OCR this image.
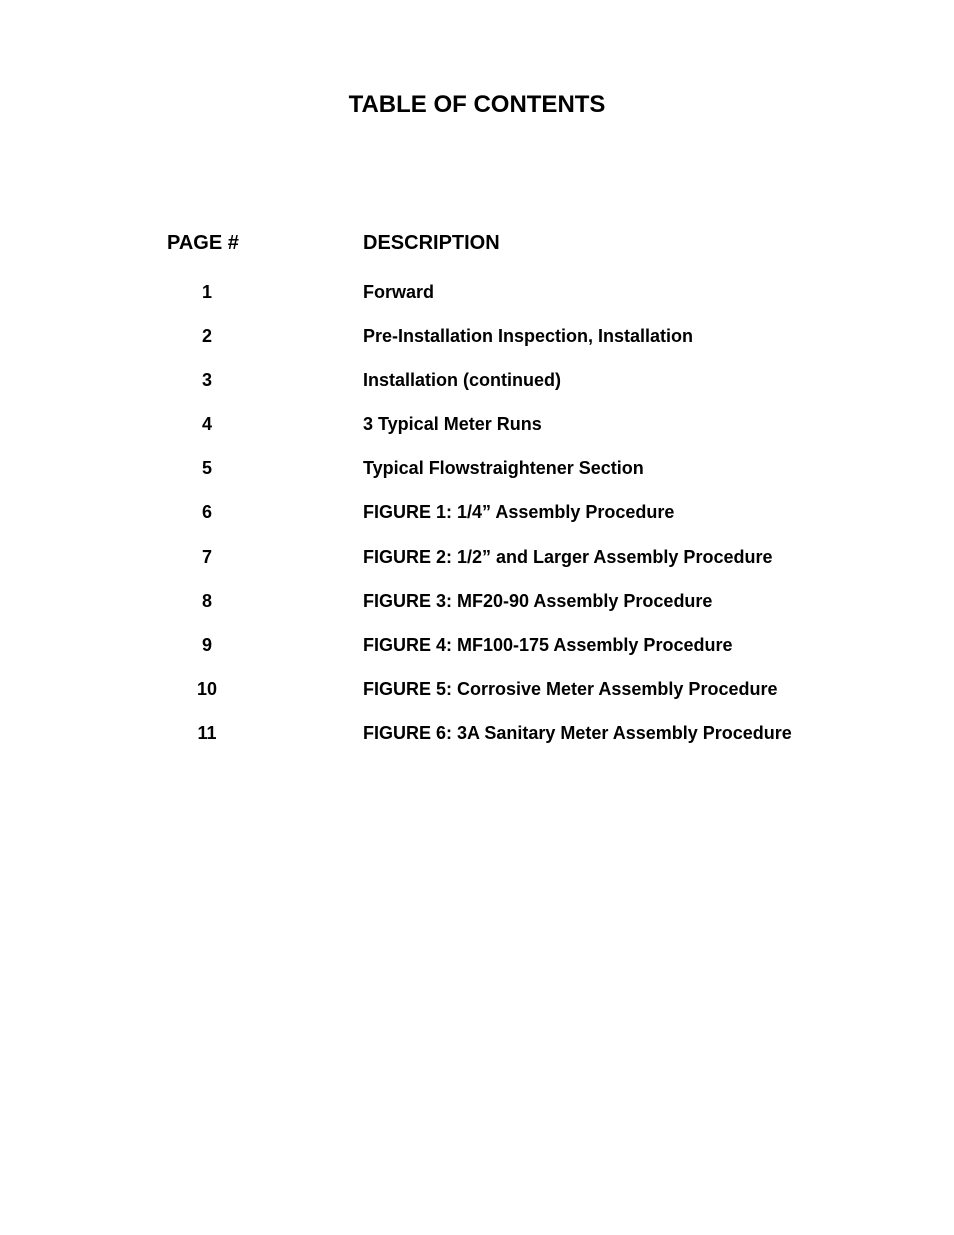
TABLE OF CONTENTS
PAGE #	DESCRIPTION
1	Forward
2	Pre-Installation Inspection, Installation
3	Installation (continued)
4	3 Typical Meter Runs
5	Typical Flowstraightener Section
6	FIGURE 1: 1/4” Assembly Procedure
7	FIGURE 2: 1/2” and Larger Assembly Procedure
8	FIGURE 3: MF20-90 Assembly Procedure
9	FIGURE 4: MF100-175 Assembly Procedure
10	FIGURE 5: Corrosive Meter Assembly Procedure
11	FIGURE 6: 3A Sanitary Meter Assembly Procedure
